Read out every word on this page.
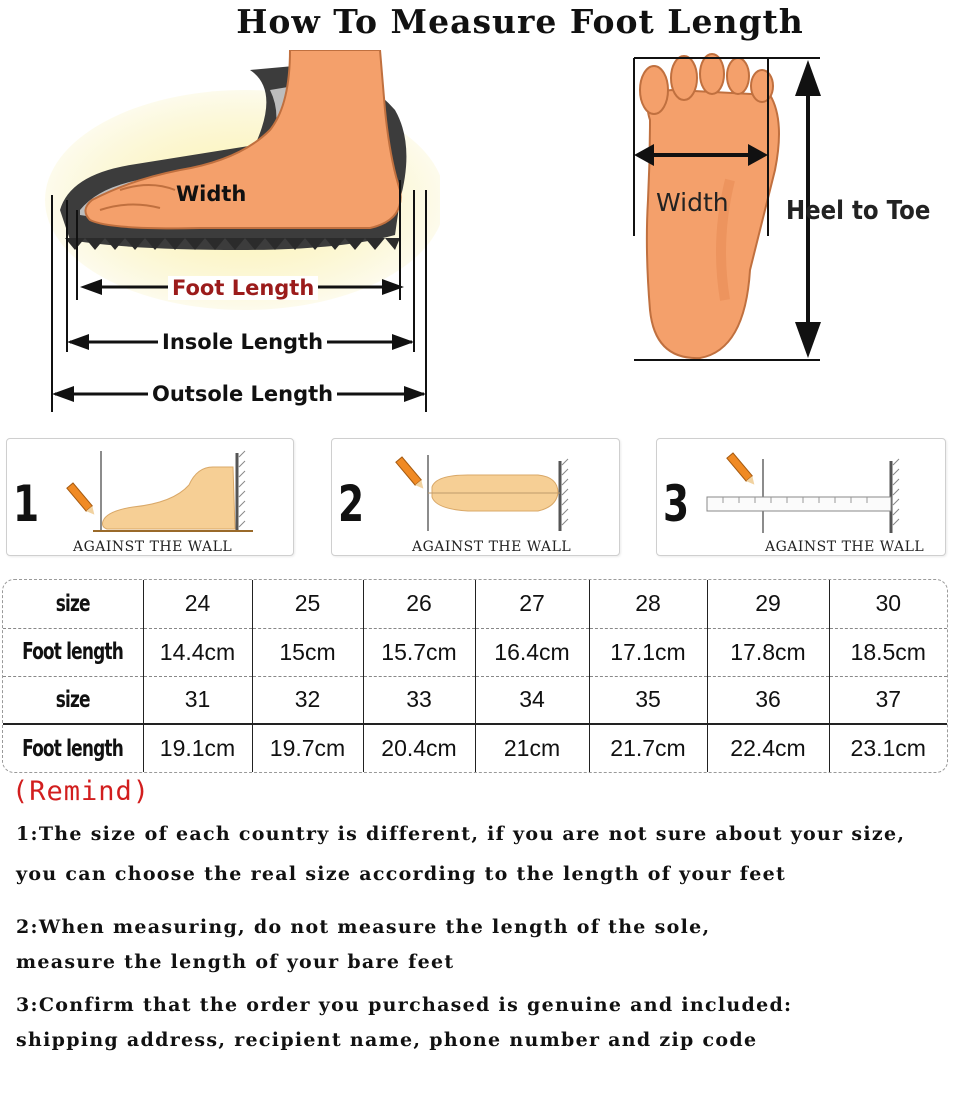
How To Measure Foot Length
Width
Foot Length
Insole Length
Outsole Length
Width Heel to Toe
1
AGAINST THE WALL
2
AGAINST THE WALL
3
AGAINST THE WALL
size	24	25	26	27	28	29	30
Foot length	14.4cm	15cm	15.7cm	16.4cm	17.1cm	17.8cm	18.5cm
size	31	32	33	34	35	36	37
Foot length	19.1cm	19.7cm	20.4cm	21cm	21.7cm	22.4cm	23.1cm
(Remind)
1:The size of each country is different, if you are not sure about your size,
you can choose the real size according to the length of your feet
2:When measuring, do not measure the length of the sole,
measure the length of your bare feet
3:Confirm that the order you purchased is genuine and included:
shipping address, recipient name, phone number and zip code
